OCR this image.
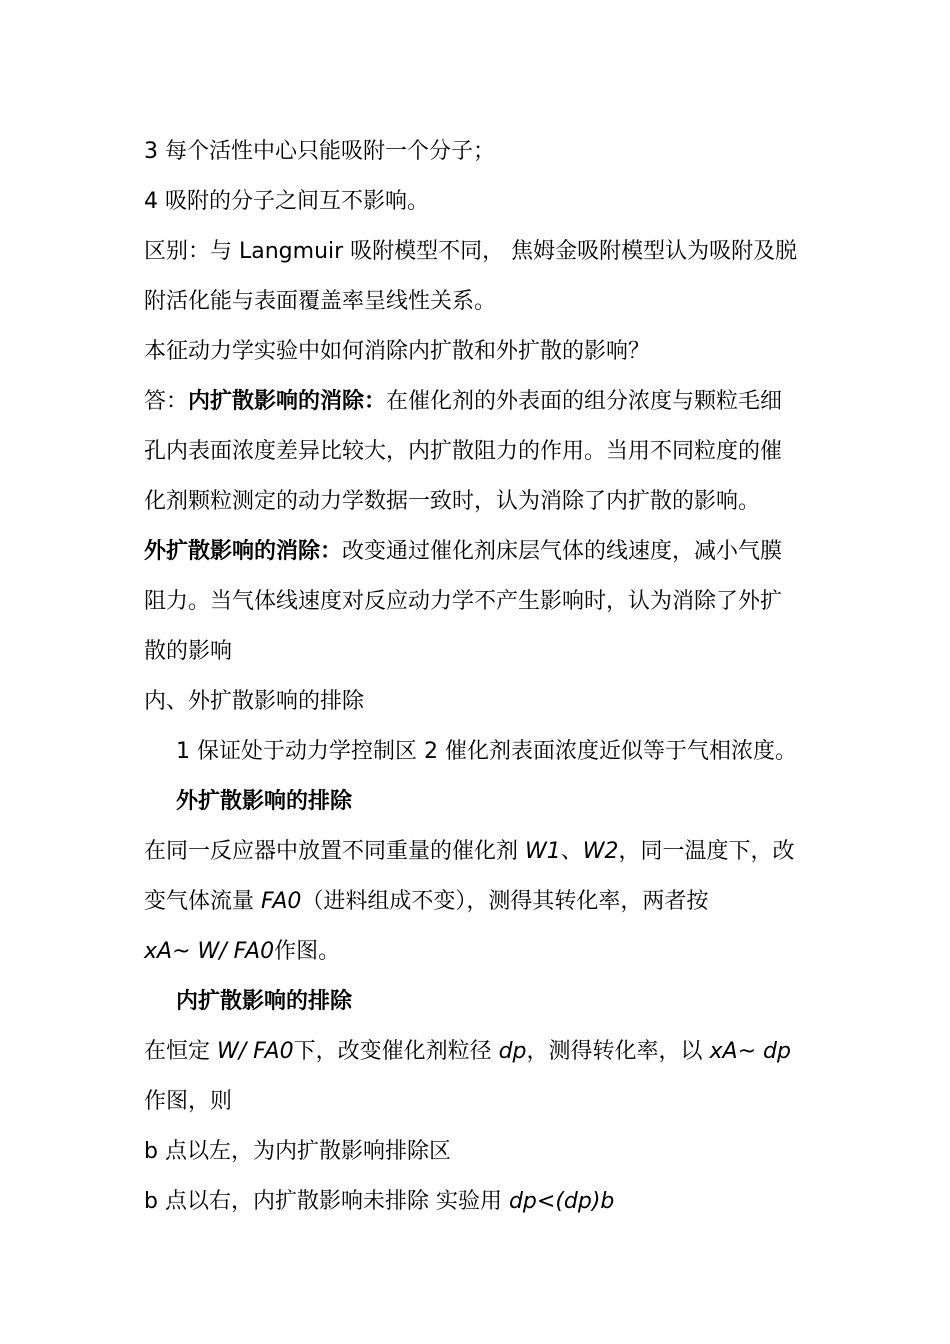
3 每个活性中心只能吸附一个分子；
4 吸附的分子之间互不影响。
区别：与 Langmuir 吸附模型不同， 焦姆金吸附模型认为吸附及脱
附活化能与表面覆盖率呈线性关系。
本征动力学实验中如何消除内扩散和外扩散的影响？
答：内扩散影响的消除：在催化剂的外表面的组分浓度与颗粒毛细
孔内表面浓度差异比较大，内扩散阻力的作用。当用不同粒度的催
化剂颗粒测定的动力学数据一致时，认为消除了内扩散的影响。
外扩散影响的消除：改变通过催化剂床层气体的线速度，减小气膜
阻力。当气体线速度对反应动力学不产生影响时，认为消除了外扩
散的影响
内、外扩散影响的排除
1 保证处于动力学控制区 2 催化剂表面浓度近似等于气相浓度。
外扩散影响的排除
在同一反应器中放置不同重量的催化剂 W1、W2，同一温度下，改
变气体流量 FA0（进料组成不变），测得其转化率，两者按
xA~ W/ FA0作图。
内扩散影响的排除
在恒定 W/ FA0下，改变催化剂粒径 dp，测得转化率，以 xA~ dp
作图，则
b 点以左，为内扩散影响排除区
b 点以右，内扩散影响未排除 实验用 dp<(dp)b
